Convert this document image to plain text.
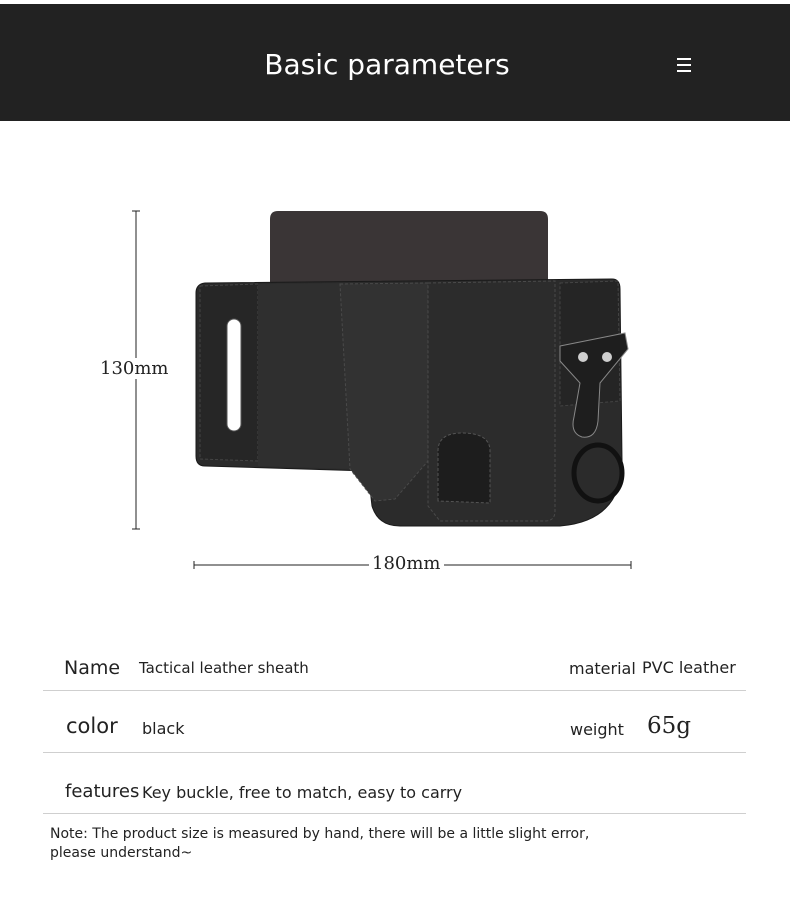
Basic parameters
130mm
180mm
Name Tactical leather sheath	material PVC leather
color black	weight 65g
features Key buckle, free to match, easy to carry
Note: The product size is measured by hand, there will be a little slight error,
please understand~
